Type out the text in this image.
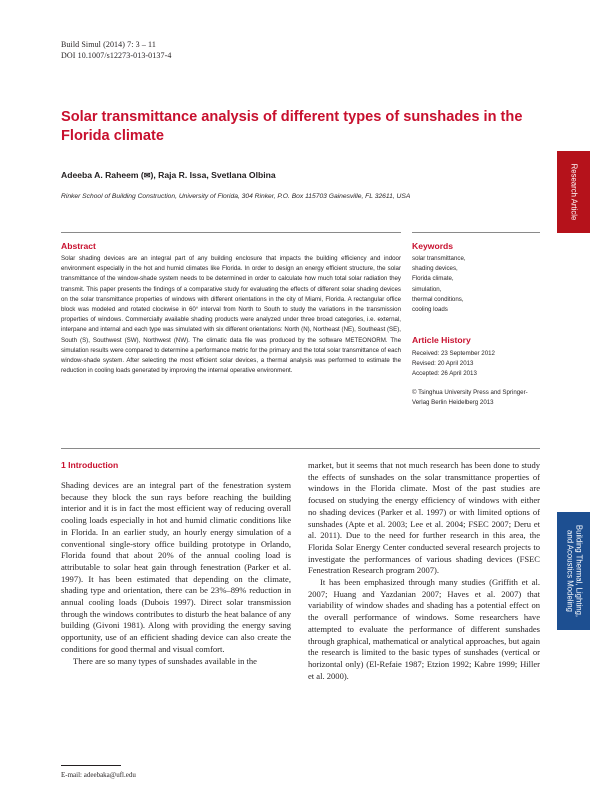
Build Simul (2014) 7: 3 – 11
DOI 10.1007/s12273-013-0137-4
Solar transmittance analysis of different types of sunshades in the Florida climate
Adeeba A. Raheem (✉), Raja R. Issa, Svetlana Olbina
Rinker School of Building Construction, University of Florida, 304 Rinker, P.O. Box 115703 Gainesville, FL 32611, USA
Abstract
Solar shading devices are an integral part of any building enclosure that impacts the building efficiency and indoor environment especially in the hot and humid climates like Florida. In order to design an energy efficient structure, the solar transmittance of the window-shade system needs to be determined in order to calculate how much total solar radiation they transmit. This paper presents the findings of a comparative study for evaluating the effects of different solar shading devices on the solar transmittance properties of windows with different orientations in the city of Miami, Florida. A rectangular office block was modeled and rotated clockwise in 60° interval from North to South to study the variations in the transmission properties of windows. Commercially available shading products were analyzed under three broad categories, i.e. external, interpane and internal and each type was simulated with six different orientations: North (N), Northeast (NE), Southeast (SE), South (S), Southwest (SW), Northwest (NW). The climatic data file was produced by the software METEONORM. The simulation results were compared to determine a performance metric for the primary and the total solar transmittance of each window-shade system. After selecting the most efficient solar devices, a thermal analysis was performed to estimate the reduction in cooling loads generated by improving the internal operative environment.
Keywords
solar transmittance,
shading devices,
Florida climate,
simulation,
thermal conditions,
cooling loads
Article History
Received: 23 September 2012
Revised: 20 April 2013
Accepted: 26 April 2013
© Tsinghua University Press and Springer-Verlag Berlin Heidelberg 2013
1 Introduction

Shading devices are an integral part of the fenestration system because they block the sun rays before reaching the building interior and it is in fact the most efficient way of reducing overall cooling loads especially in hot and humid climatic conditions like in Florida. In an earlier study, an hourly energy simulation of a conventional single-story office building prototype in Orlando, Florida found that about 20% of the annual cooling load is attributable to solar heat gain through fenestration (Parker et al. 1997). It has been estimated that depending on the climate, shading type and orientation, there can be 23%–89% reduction in annual cooling loads (Dubois 1997). Direct solar transmission through the windows contributes to disturb the heat balance of any building (Givoni 1981). Along with providing the energy saving opportunity, use of an efficient shading device can also create the conditions for good thermal and visual comfort.

There are so many types of sunshades available in the

market, but it seems that not much research has been done to study the effects of sunshades on the solar transmittance properties of windows in the Florida climate. Most of the past studies are focused on studying the energy efficiency of windows with either no shading devices (Parker et al. 1997) or with limited options of sunshades (Apte et al. 2003; Lee et al. 2004; FSEC 2007; Deru et al. 2011). Due to the need for further research in this area, the Florida Solar Energy Center conducted several research projects to investigate the performances of various shading devices (FSEC Fenestration Research program 2007).

It has been emphasized through many studies (Griffith et al. 2007; Huang and Yazdanian 2007; Haves et al. 2007) that variability of window shades and shading has a potential effect on the overall performance of windows. Some researchers have attempted to evaluate the performance of different sunshades through graphical, mathematical or analytical approaches, but again the research is limited to the basic types of sunshades (vertical or horizontal only) (El-Refaie 1987; Etzion 1992; Kabre 1999; Hiller et al. 2000).

E-mail: adeebaka@ufl.edu
Research Article
Building Thermal, Lighting,
and Acoustics Modeling
